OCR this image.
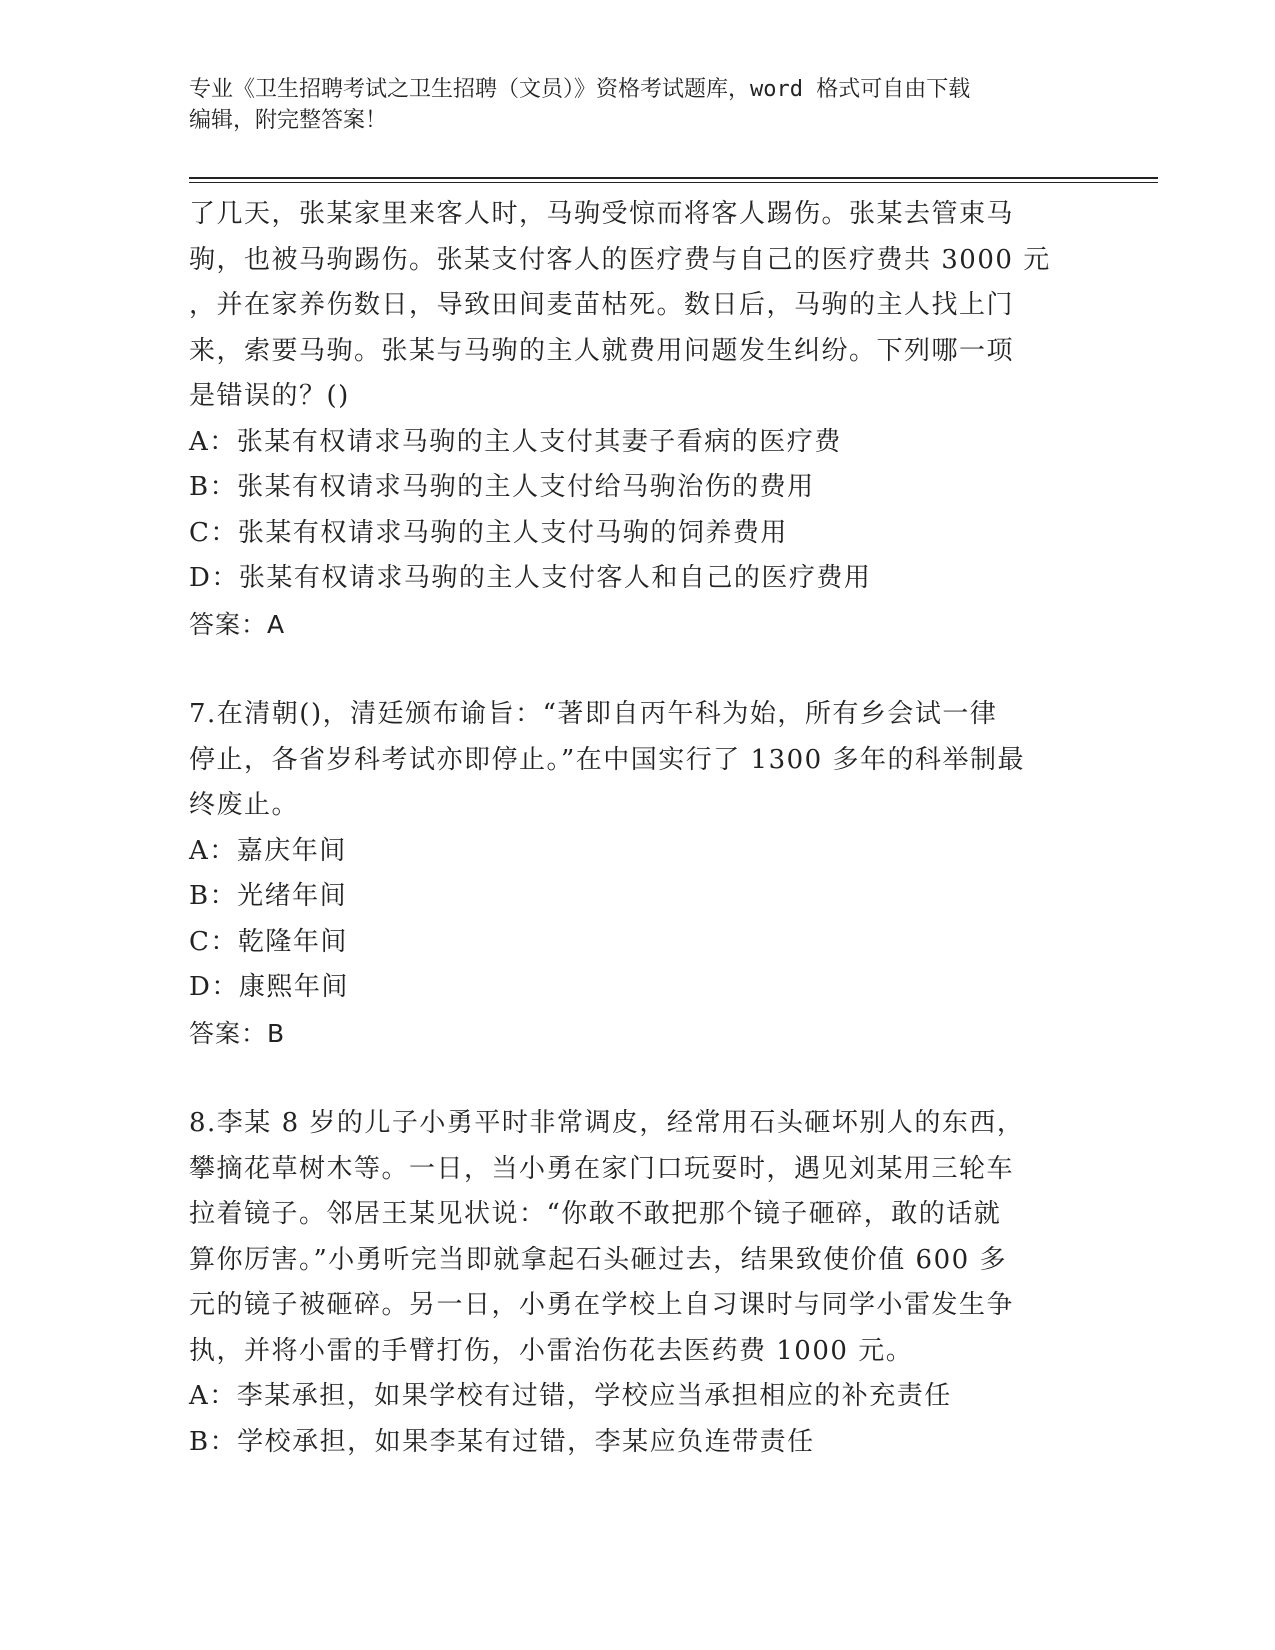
专业《卫生招聘考试之卫生招聘（文员）》资格考试题库，word 格式可自由下载
编辑，附完整答案！

了几天，张某家里来客人时，马驹受惊而将客人踢伤。张某去管束马

驹，也被马驹踢伤。张某支付客人的医疗费与自己的医疗费共 3000 元

，并在家养伤数日，导致田间麦苗枯死。数日后，马驹的主人找上门

来，索要马驹。张某与马驹的主人就费用问题发生纠纷。下列哪一项

是错误的？()

A：张某有权请求马驹的主人支付其妻子看病的医疗费

B：张某有权请求马驹的主人支付给马驹治伤的费用

C：张某有权请求马驹的主人支付马驹的饲养费用

D：张某有权请求马驹的主人支付客人和自己的医疗费用

答案：A

7.在清朝()，清廷颁布谕旨：“著即自丙午科为始，所有乡会试一律

停止，各省岁科考试亦即停止。”在中国实行了 1300 多年的科举制最

终废止。

A：嘉庆年间

B：光绪年间

C：乾隆年间

D：康熙年间

答案：B

8.李某 8 岁的儿子小勇平时非常调皮，经常用石头砸坏别人的东西，

攀摘花草树木等。一日，当小勇在家门口玩耍时，遇见刘某用三轮车

拉着镜子。邻居王某见状说：“你敢不敢把那个镜子砸碎，敢的话就

算你厉害。”小勇听完当即就拿起石头砸过去，结果致使价值 600 多

元的镜子被砸碎。另一日，小勇在学校上自习课时与同学小雷发生争

执，并将小雷的手臂打伤，小雷治伤花去医药费 1000 元。

A：李某承担，如果学校有过错，学校应当承担相应的补充责任

B：学校承担，如果李某有过错，李某应负连带责任
